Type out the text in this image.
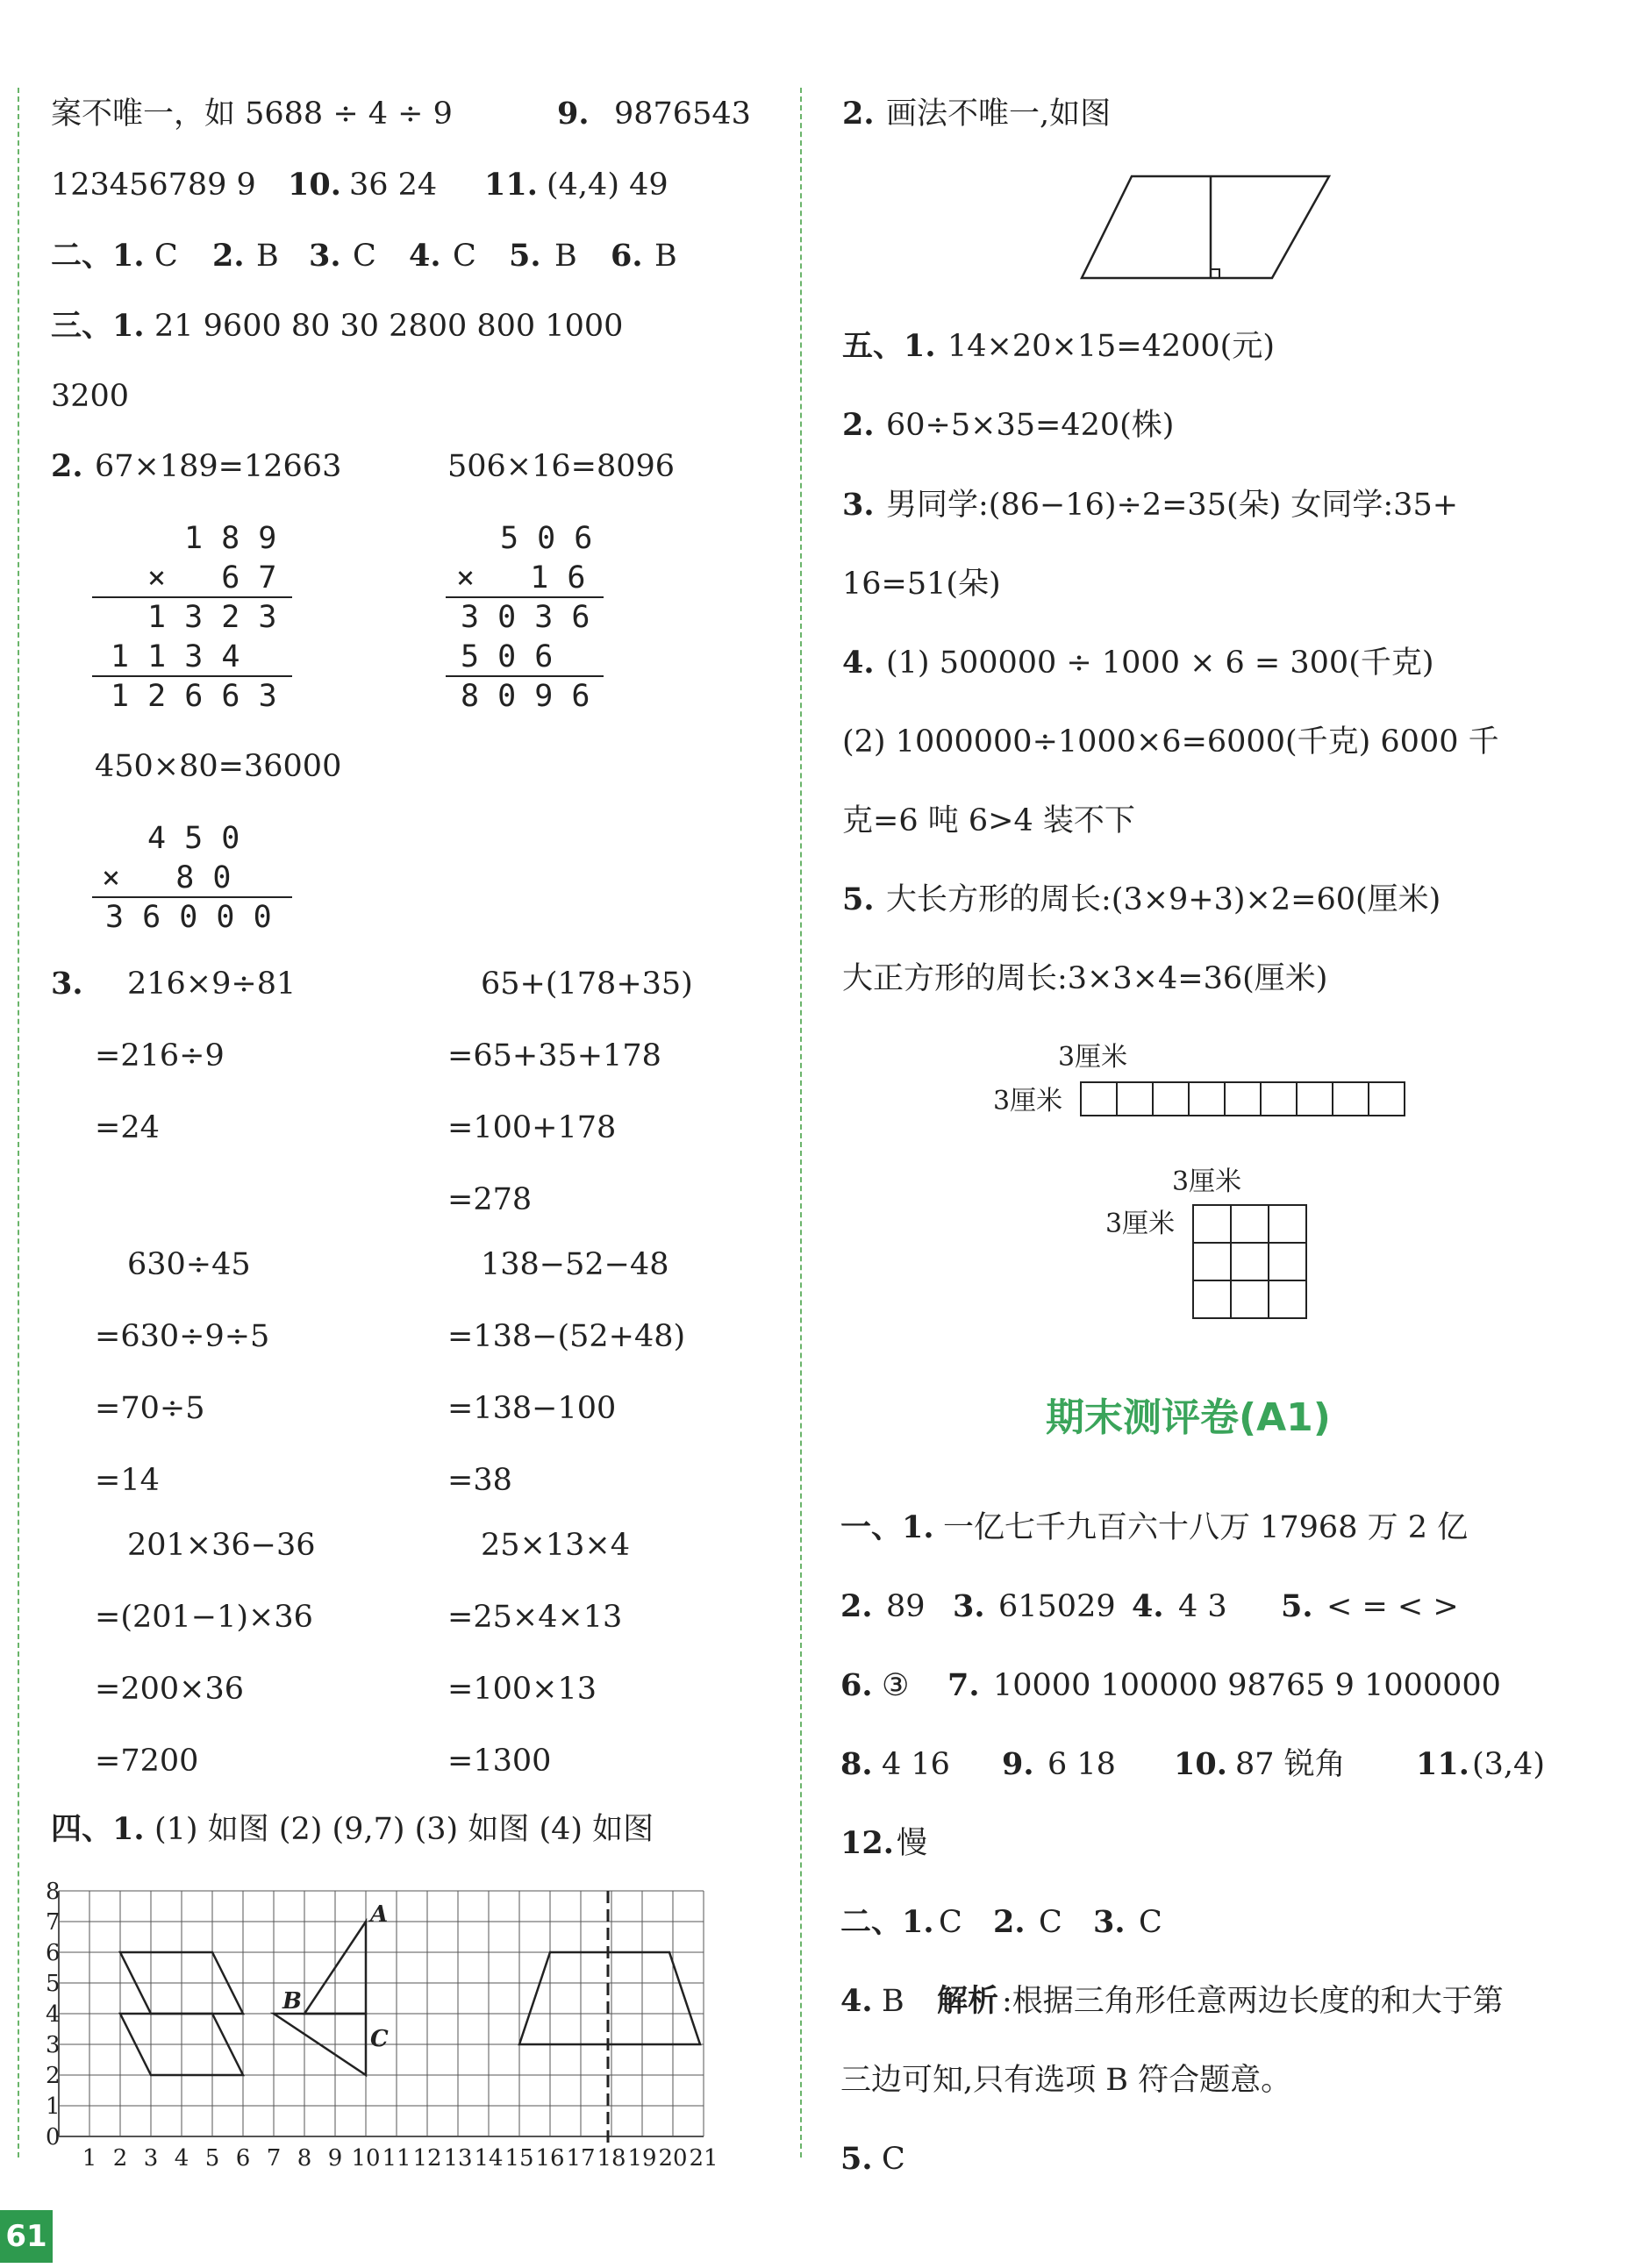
案不唯一，如 5688 ÷ 4 ÷ 9	9. 9876543
123456789 9 10. 36 24 11. (4,4) 49
二、1. C 2. B 3. C 4. C 5. B 6. B
三、1. 21 9600 80 30 2800 800 1000
3200
2. 67×189=12663	506×16=8096
1 8 9
×   6 7
1 3 2 3
1 1 3 4
1 2 6 6 3
5 0 6
×   1 6
3 0 3 6
5 0 6
8 0 9 6
450×80=36000
4 5 0
×   8 0
3 6 0 0 0
3. 216×9÷81
=216÷9
=24
630÷45
=630÷9÷5
=70÷5
=14
201×36−36
=(201−1)×36
=200×36
=7200
65+(178+35)
=65+35+178
=100+178
=278
138−52−48
=138−(52+48)
=138−100
=38
25×13×4
=25×4×13
=100×13
=1300
四、1. (1) 如图 (2) (9,7) (3) 如图 (4) 如图
8
7
6
5
4
3
2
1
0
1 2 3 4 5 6 7 8 9 10 11 12 13 14 15 16 17 18 19 20 21
A
B
C
2. 画法不唯一,如图
五、1. 14×20×15=4200(元)
2. 60÷5×35=420(株)
3. 男同学:(86−16)÷2=35(朵) 女同学:35+
16=51(朵)
4. (1) 500000 ÷ 1000 × 6 = 300(千克)
(2) 1000000÷1000×6=6000(千克) 6000 千
克=6 吨 6>4 装不下
5. 大长方形的周长:(3×9+3)×2=60(厘米)
大正方形的周长:3×3×4=36(厘米)
3厘米
3厘米
3厘米
3厘米
期末测评卷(A1)
一、1. 一亿七千九百六十八万 17968 万 2 亿
2. 89 3. 615029 4. 4 3 5. < = < >
6. ③ 7. 10000 100000 98765 9 1000000
8. 4 16 9. 6 18 10. 87 锐角 11. (3,4)
12. 慢
二、1. C 2. C 3. C
4. B 解析 :根据三角形任意两边长度的和大于第
三边可知,只有选项 B 符合题意。
5. C
61
